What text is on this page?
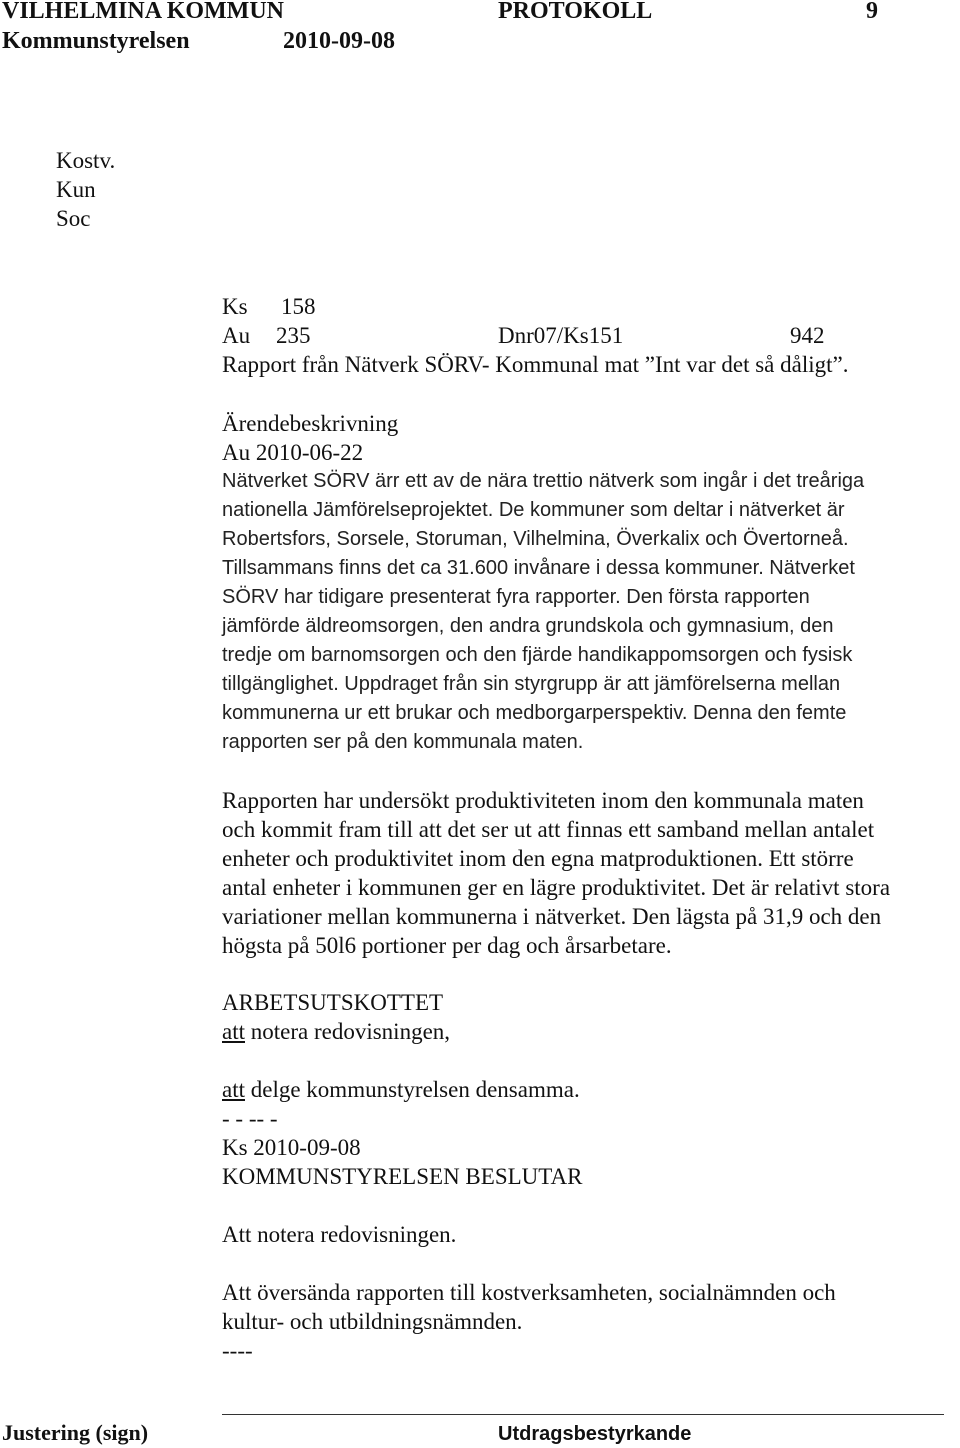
VILHELMINA KOMMUN	PROTOKOLL	9
Kommunstyrelsen	2010-09-08
Kostv.
Kun
Soc
Ks 158
Au 235	Dnr07/Ks151	942
Rapport från Nätverk SÖRV- Kommunal mat ”Int var det så dåligt”.
Ärendebeskrivning
Au 2010-06-22
Nätverket SÖRV ärr ett av de nära trettio nätverk som ingår i det treåriga
nationella Jämförelseprojektet. De kommuner som deltar i nätverket är
Robertsfors, Sorsele, Storuman, Vilhelmina, Överkalix och Övertorneå.
Tillsammans finns det ca 31.600 invånare i dessa kommuner. Nätverket
SÖRV har tidigare presenterat fyra rapporter. Den första rapporten
jämförde äldreomsorgen, den andra grundskola och gymnasium, den
tredje om barnomsorgen och den fjärde handikappomsorgen och fysisk
tillgänglighet. Uppdraget från sin styrgrupp är att jämförelserna mellan
kommunerna ur ett brukar och medborgarperspektiv. Denna den femte
rapporten ser på den kommunala maten.
Rapporten har undersökt produktiviteten inom den kommunala maten
och kommit fram till att det ser ut att finnas ett samband mellan antalet
enheter och produktivitet inom den egna matproduktionen. Ett större
antal enheter i kommunen ger en lägre produktivitet. Det är relativt stora
variationer mellan kommunerna i nätverket. Den lägsta på 31,9 och den
högsta på 50l6 portioner per dag och årsarbetare.
ARBETSUTSKOTTET
att notera redovisningen,
att delge kommunstyrelsen densamma.
- - -- -
Ks 2010-09-08
KOMMUNSTYRELSEN BESLUTAR
Att notera redovisningen.
Att översända rapporten till kostverksamheten, socialnämnden och
kultur- och utbildningsnämnden.
----
Justering (sign)	Utdragsbestyrkande
